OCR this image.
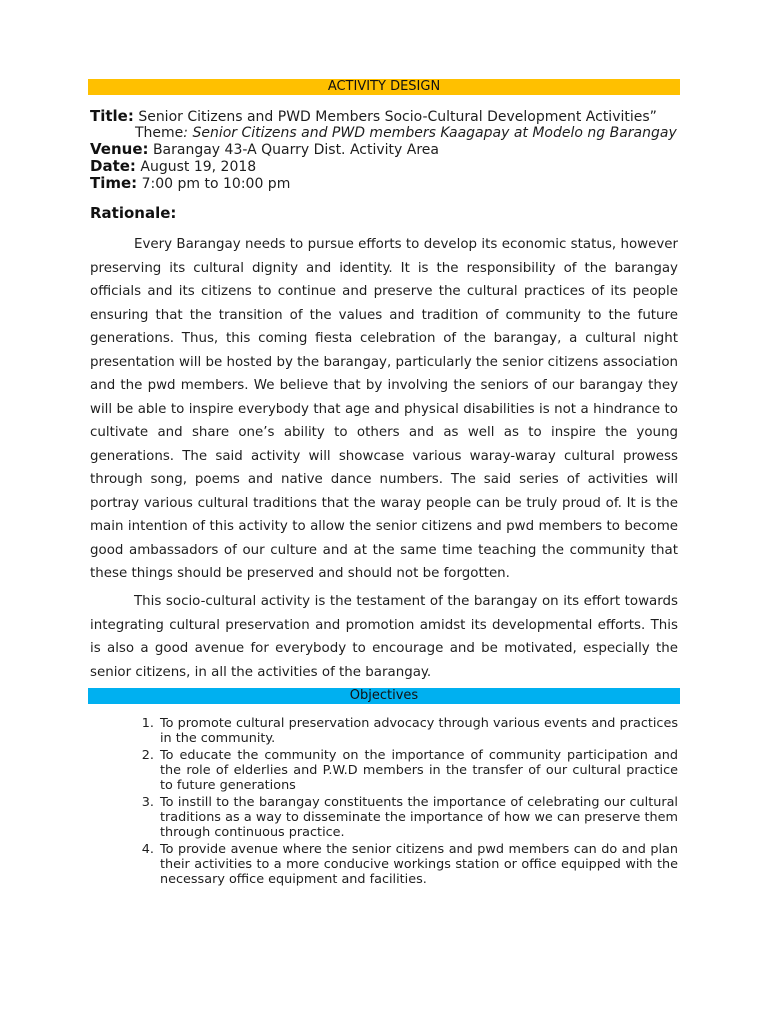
ACTIVITY DESIGN
Title: Senior Citizens and PWD Members Socio-Cultural Development Activities”
Theme: Senior Citizens and PWD members Kaagapay at Modelo ng Barangay
Venue: Barangay 43-A Quarry Dist. Activity Area
Date: August 19, 2018
Time: 7:00 pm to 10:00 pm
Rationale:

Every Barangay needs to pursue efforts to develop its economic status, however preserving its cultural dignity and identity. It is the responsibility of the barangay officials and its citizens to continue and preserve the cultural practices of its people ensuring that the transition of the values and tradition of community to the future generations. Thus, this coming fiesta celebration of the barangay, a cultural night presentation will be hosted by the barangay, particularly the senior citizens association and the pwd members. We believe that by involving the seniors of our barangay they will be able to inspire everybody that age and physical disabilities is not a hindrance to cultivate and share one’s ability to others and as well as to inspire the young generations. The said activity will showcase various waray-waray cultural prowess through song, poems and native dance numbers. The said series of activities will portray various cultural traditions that the waray people can be truly proud of. It is the main intention of this activity to allow the senior citizens and pwd members to become good ambassadors of our culture and at the same time teaching the community that these things should be preserved and should not be forgotten.

This socio-cultural activity is the testament of the barangay on its effort towards integrating cultural preservation and promotion amidst its developmental efforts. This is also a good avenue for everybody to encourage and be motivated, especially the senior citizens, in all the activities of the barangay.

Objectives
1. To promote cultural preservation advocacy through various events and practices in the community.
2. To educate the community on the importance of community participation and the role of elderlies and P.W.D members in the transfer of our cultural practice to future generations
3. To instill to the barangay constituents the importance of celebrating our cultural traditions as a way to disseminate the importance of how we can preserve them through continuous practice.
4. To provide avenue where the senior citizens and pwd members can do and plan their activities to a more conducive workings station or office equipped with the necessary office equipment and facilities.
